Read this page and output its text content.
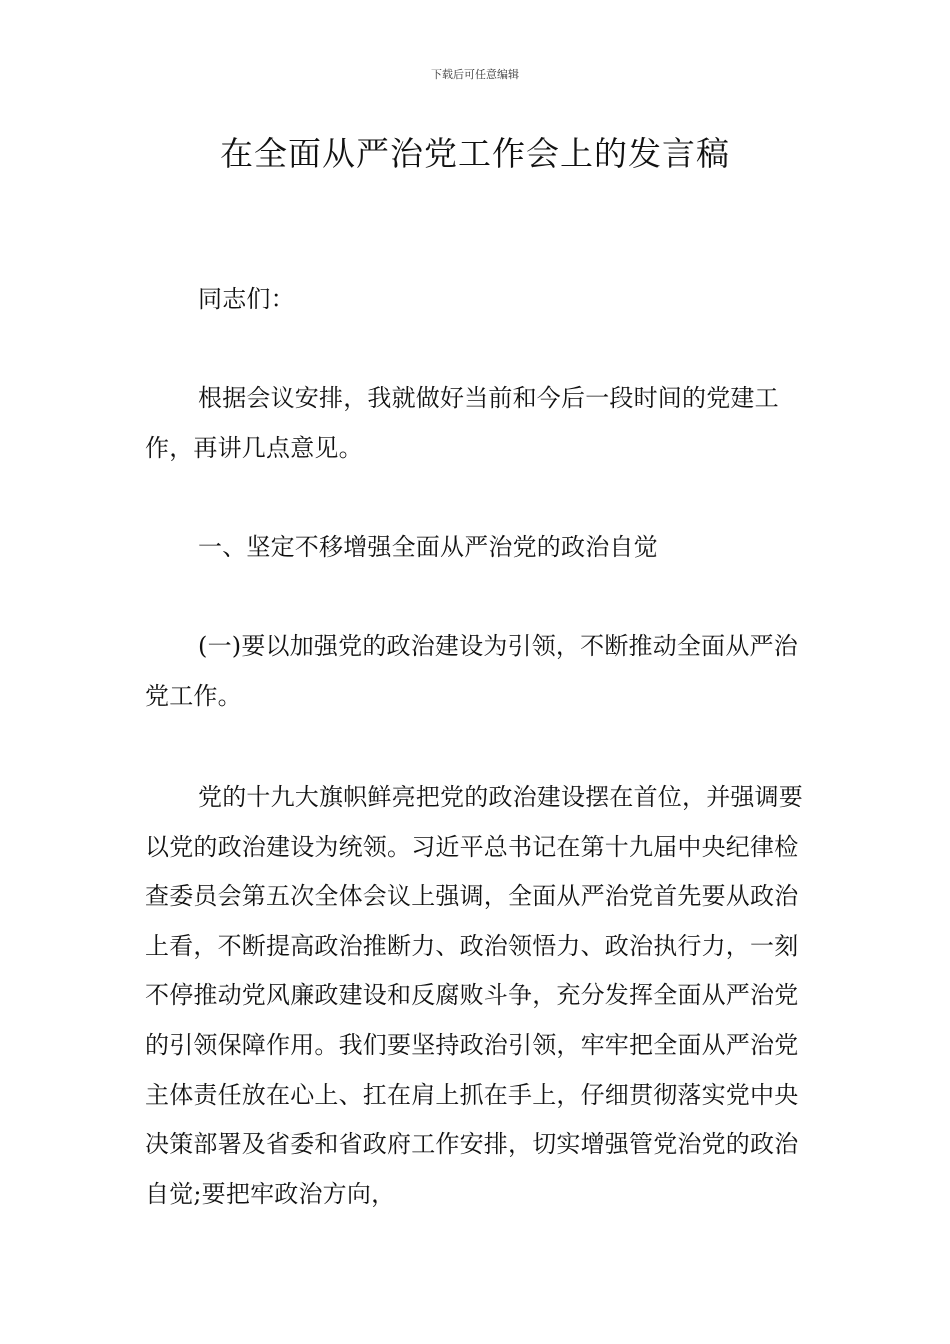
下载后可任意编辑
在全面从严治党工作会上的发言稿

同志们：

根据会议安排，我就做好当前和今后一段时间的党建工作，再讲几点意见。

一、坚定不移增强全面从严治党的政治自觉

(一)要以加强党的政治建设为引领，不断推动全面从严治党工作。

党的十九大旗帜鲜亮把党的政治建设摆在首位，并强调要以党的政治建设为统领。习近平总书记在第十九届中央纪律检查委员会第五次全体会议上强调，全面从严治党首先要从政治上看，不断提高政治推断力、政治领悟力、政治执行力，一刻不停推动党风廉政建设和反腐败斗争，充分发挥全面从严治党的引领保障作用。我们要坚持政治引领，牢牢把全面从严治党主体责任放在心上、扛在肩上抓在手上，仔细贯彻落实党中央决策部署及省委和省政府工作安排，切实增强管党治党的政治自觉;要把牢政治方向，
